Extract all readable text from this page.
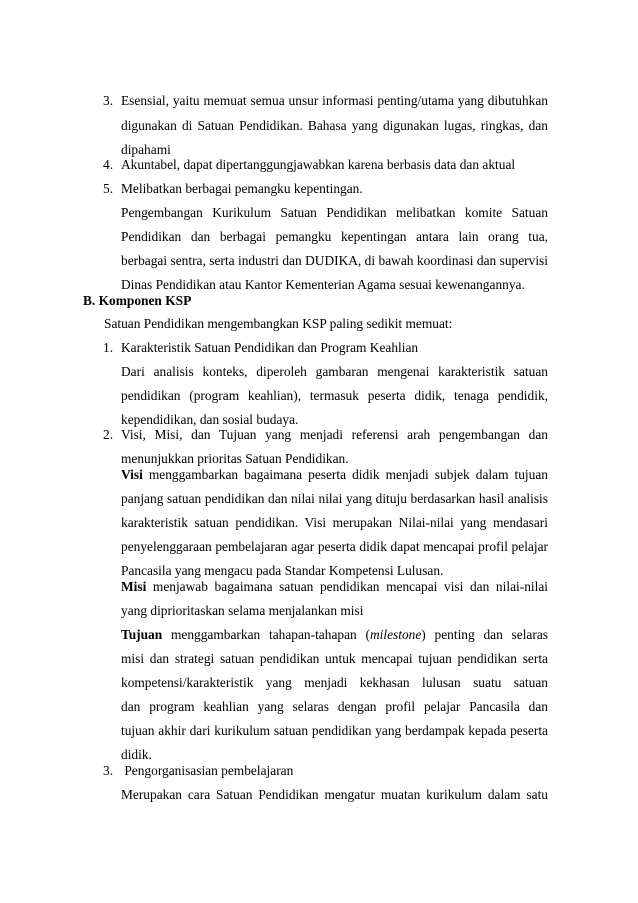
3. Esensial, yaitu memuat semua unsur informasi penting/utama yang dibutuhkan
digunakan di Satuan Pendidikan. Bahasa yang digunakan lugas, ringkas, dan
dipahami
4. Akuntabel, dapat dipertanggungjawabkan karena berbasis data dan aktual
5. Melibatkan berbagai pemangku kepentingan.
Pengembangan Kurikulum Satuan Pendidikan melibatkan komite Satuan
Pendidikan dan berbagai pemangku kepentingan antara lain orang tua,
berbagai sentra, serta industri dan DUDIKA, di bawah koordinasi dan supervisi
Dinas Pendidikan atau Kantor Kementerian Agama sesuai kewenangannya.
B. Komponen KSP
Satuan Pendidikan mengembangkan KSP paling sedikit memuat:
1. Karakteristik Satuan Pendidikan dan Program Keahlian
Dari analisis konteks, diperoleh gambaran mengenai karakteristik satuan
pendidikan (program keahlian), termasuk peserta didik, tenaga pendidik,
kependidikan, dan sosial budaya.
2. Visi, Misi, dan Tujuan yang menjadi referensi arah pengembangan dan
menunjukkan prioritas Satuan Pendidikan.
Visi menggambarkan bagaimana peserta didik menjadi subjek dalam tujuan
panjang satuan pendidikan dan nilai nilai yang dituju berdasarkan hasil analisis
karakteristik satuan pendidikan. Visi merupakan Nilai-nilai yang mendasari
penyelenggaraan pembelajaran agar peserta didik dapat mencapai profil pelajar
Pancasila yang mengacu pada Standar Kompetensi Lulusan.
Misi menjawab bagaimana satuan pendidikan mencapai visi dan nilai-nilai
yang diprioritaskan selama menjalankan misi
Tujuan menggambarkan tahapan-tahapan (milestone) penting dan selaras
misi dan strategi satuan pendidikan untuk mencapai tujuan pendidikan serta
kompetensi/karakteristik yang menjadi kekhasan lulusan suatu satuan
dan program keahlian yang selaras dengan profil pelajar Pancasila dan
tujuan akhir dari kurikulum satuan pendidikan yang berdampak kepada peserta
didik.
3. Pengorganisasian pembelajaran
Merupakan cara Satuan Pendidikan mengatur muatan kurikulum dalam satu
